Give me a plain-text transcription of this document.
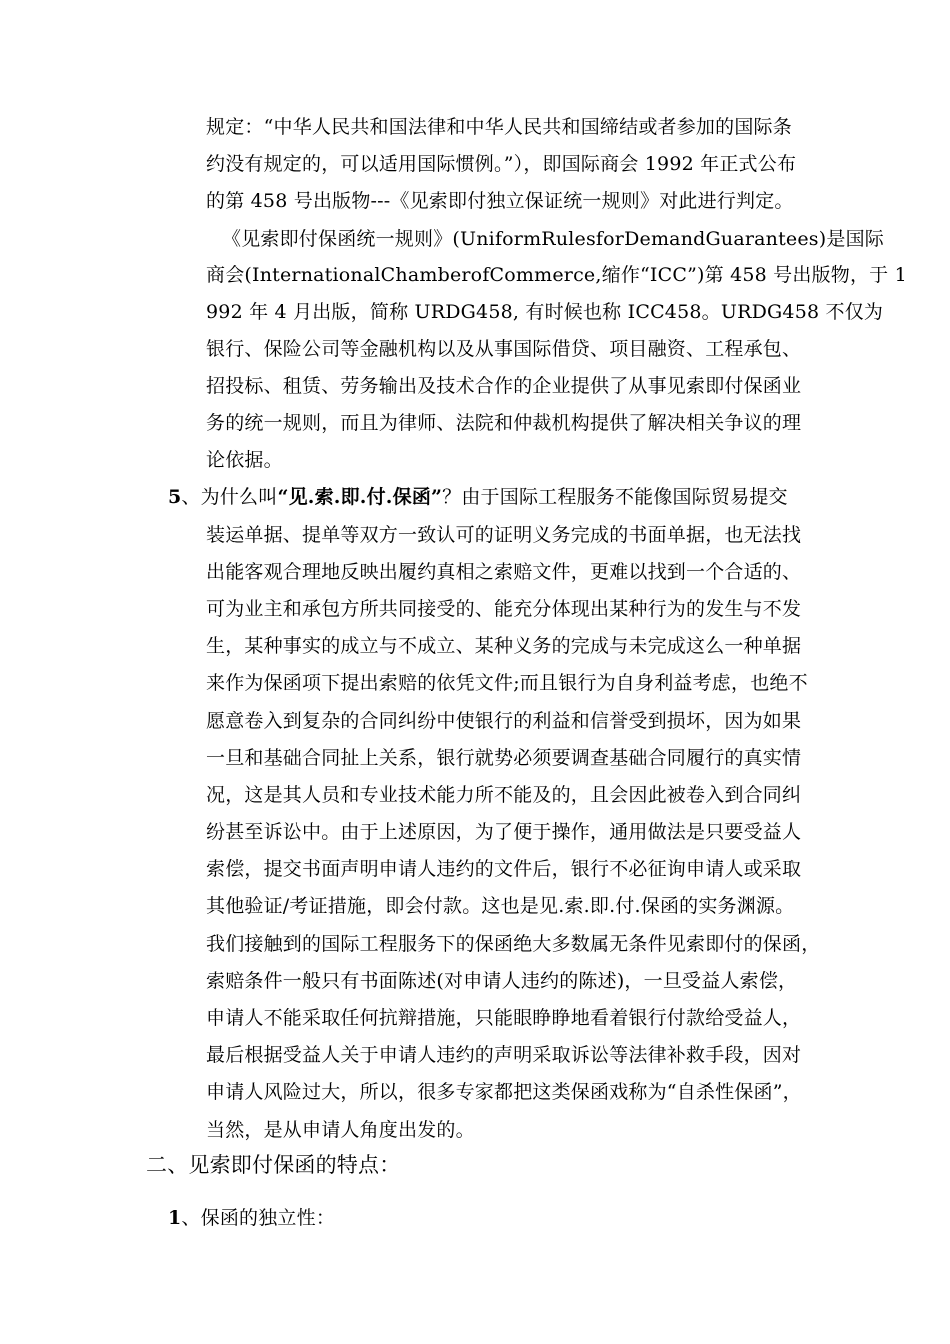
规定：“中华人民共和国法律和中华人民共和国缔结或者参加的国际条
约没有规定的，可以适用国际惯例。”），即国际商会 1992 年正式公布
的第 458 号出版物---《见索即付独立保证统一规则》对此进行判定。
《见索即付保函统一规则》(UniformRulesforDemandGuarantees)是国际
商会(InternationalChamberofCommerce,缩作“ICC”)第 458 号出版物，于 1
992 年 4 月出版，简称 URDG458, 有时候也称 ICC458。URDG458 不仅为
银行、保险公司等金融机构以及从事国际借贷、项目融资、工程承包、
招投标、租赁、劳务输出及技术合作的企业提供了从事见索即付保函业
务的统一规则，而且为律师、法院和仲裁机构提供了解决相关争议的理
论依据。
5、为什么叫“见.索.即.付.保函”？由于国际工程服务不能像国际贸易提交
装运单据、提单等双方一致认可的证明义务完成的书面单据，也无法找
出能客观合理地反映出履约真相之索赔文件，更难以找到一个合适的、
可为业主和承包方所共同接受的、能充分体现出某种行为的发生与不发
生，某种事实的成立与不成立、某种义务的完成与未完成这么一种单据
来作为保函项下提出索赔的依凭文件;而且银行为自身利益考虑，也绝不
愿意卷入到复杂的合同纠纷中使银行的利益和信誉受到损坏，因为如果
一旦和基础合同扯上关系，银行就势必须要调查基础合同履行的真实情
况，这是其人员和专业技术能力所不能及的，且会因此被卷入到合同纠
纷甚至诉讼中。由于上述原因，为了便于操作，通用做法是只要受益人
索偿，提交书面声明申请人违约的文件后，银行不必征询申请人或采取
其他验证/考证措施，即会付款。这也是见.索.即.付.保函的实务渊源。
我们接触到的国际工程服务下的保函绝大多数属无条件见索即付的保函，
索赔条件一般只有书面陈述(对申请人违约的陈述)，一旦受益人索偿，
申请人不能采取任何抗辩措施，只能眼睁睁地看着银行付款给受益人，
最后根据受益人关于申请人违约的声明采取诉讼等法律补救手段，因对
申请人风险过大，所以，很多专家都把这类保函戏称为“自杀性保函”，
当然，是从申请人角度出发的。
二、见索即付保函的特点：
1、保函的独立性：
